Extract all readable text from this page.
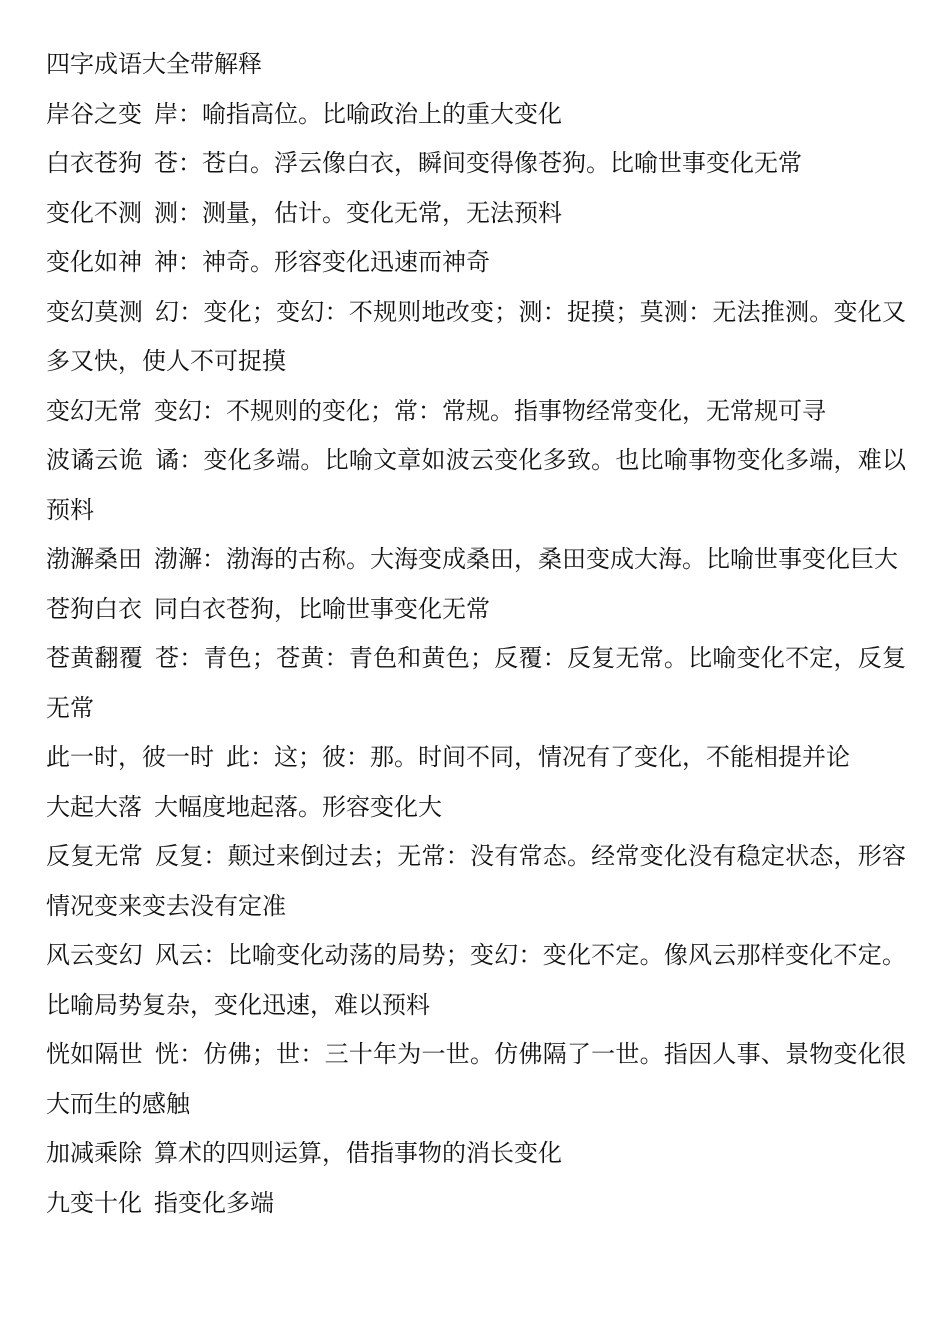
四字成语大全带解释

岸谷之变 岸：喻指高位。比喻政治上的重大变化

白衣苍狗 苍：苍白。浮云像白衣，瞬间变得像苍狗。比喻世事变化无常

变化不测 测：测量，估计。变化无常，无法预料

变化如神 神：神奇。形容变化迅速而神奇

变幻莫测 幻：变化；变幻：不规则地改变；测：捉摸；莫测：无法推测。变化又多又快，使人不可捉摸

变幻无常 变幻：不规则的变化；常：常规。指事物经常变化，无常规可寻

波谲云诡 谲：变化多端。比喻文章如波云变化多致。也比喻事物变化多端，难以预料

渤澥桑田 渤澥：渤海的古称。大海变成桑田，桑田变成大海。比喻世事变化巨大

苍狗白衣 同白衣苍狗，比喻世事变化无常

苍黄翻覆 苍：青色；苍黄：青色和黄色；反覆：反复无常。比喻变化不定，反复无常

此一时，彼一时 此：这；彼：那。时间不同，情况有了变化，不能相提并论

大起大落 大幅度地起落。形容变化大

反复无常 反复：颠过来倒过去；无常：没有常态。经常变化没有稳定状态，形容情况变来变去没有定准

风云变幻 风云：比喻变化动荡的局势；变幻：变化不定。像风云那样变化不定。比喻局势复杂，变化迅速，难以预料

恍如隔世 恍：仿佛；世：三十年为一世。仿佛隔了一世。指因人事、景物变化很大而生的感触

加减乘除 算术的四则运算，借指事物的消长变化

九变十化 指变化多端
